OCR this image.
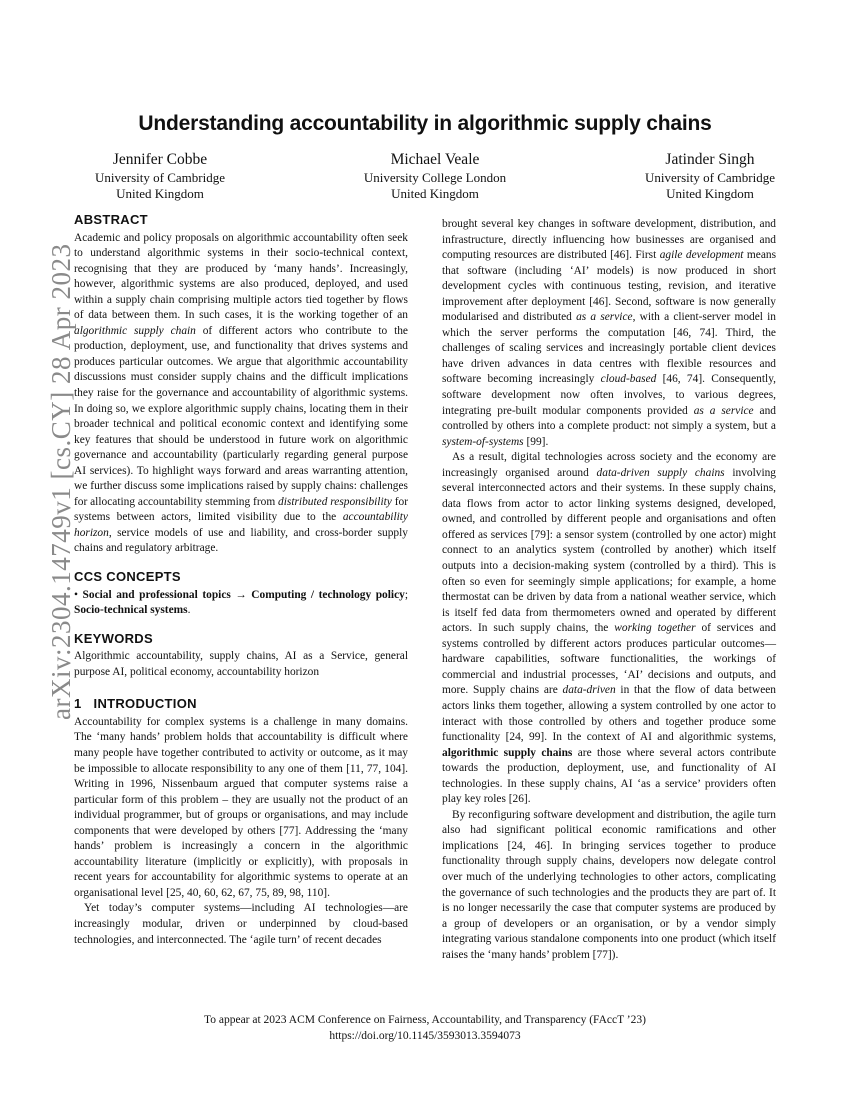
Understanding accountability in algorithmic supply chains
Jennifer Cobbe
University of Cambridge
United Kingdom
Michael Veale
University College London
United Kingdom
Jatinder Singh
University of Cambridge
United Kingdom
arXiv:2304.14749v1 [cs.CY] 28 Apr 2023
ABSTRACT

Academic and policy proposals on algorithmic accountability often seek to understand algorithmic systems in their socio-technical context, recognising that they are produced by ‘many hands’. Increasingly, however, algorithmic systems are also produced, deployed, and used within a supply chain comprising multiple actors tied together by flows of data between them. In such cases, it is the working together of an algorithmic supply chain of different actors who contribute to the production, deployment, use, and functionality that drives systems and produces particular outcomes. We argue that algorithmic accountability discussions must consider supply chains and the difficult implications they raise for the governance and accountability of algorithmic systems. In doing so, we explore algorithmic supply chains, locating them in their broader technical and political economic context and identifying some key features that should be understood in future work on algorithmic governance and accountability (particularly regarding general purpose AI services). To highlight ways forward and areas warranting attention, we further discuss some implications raised by supply chains: challenges for allocating accountability stemming from distributed responsibility for systems between actors, limited visibility due to the accountability horizon, service models of use and liability, and cross-border supply chains and regulatory arbitrage.

CCS CONCEPTS

• Social and professional topics → Computing / technology policy; Socio-technical systems.

KEYWORDS

Algorithmic accountability, supply chains, AI as a Service, general purpose AI, political economy, accountability horizon

1 INTRODUCTION

Accountability for complex systems is a challenge in many domains. The ‘many hands’ problem holds that accountability is difficult where many people have together contributed to activity or outcome, as it may be impossible to allocate responsibility to any one of them [11, 77, 104]. Writing in 1996, Nissenbaum argued that computer systems raise a particular form of this problem – they are usually not the product of an individual programmer, but of groups or organisations, and may include components that were developed by others [77]. Addressing the ‘many hands’ problem is increasingly a concern in the algorithmic accountability literature (implicitly or explicitly), with proposals in recent years for accountability for algorithmic systems to operate at an organisational level [25, 40, 60, 62, 67, 75, 89, 98, 110].

Yet today’s computer systems—including AI technologies—are increasingly modular, driven or underpinned by cloud-based technologies, and interconnected. The ‘agile turn’ of recent decades

brought several key changes in software development, distribution, and infrastructure, directly influencing how businesses are organised and computing resources are distributed [46]. First agile development means that software (including ‘AI’ models) is now produced in short development cycles with continuous testing, revision, and iterative improvement after deployment [46]. Second, software is now generally modularised and distributed as a service, with a client-server model in which the server performs the computation [46, 74]. Third, the challenges of scaling services and increasingly portable client devices have driven advances in data centres with flexible resources and software becoming increasingly cloud-based [46, 74]. Consequently, software development now often involves, to various degrees, integrating pre-built modular components provided as a service and controlled by others into a complete product: not simply a system, but a system-of-systems [99].

As a result, digital technologies across society and the economy are increasingly organised around data-driven supply chains involving several interconnected actors and their systems. In these supply chains, data flows from actor to actor linking systems designed, developed, owned, and controlled by different people and organisations and often offered as services [79]: a sensor system (controlled by one actor) might connect to an analytics system (controlled by another) which itself outputs into a decision-making system (controlled by a third). This is often so even for seemingly simple applications; for example, a home thermostat can be driven by data from a national weather service, which is itself fed data from thermometers owned and operated by different actors. In such supply chains, the working together of services and systems controlled by different actors produces particular outcomes—hardware capabilities, software functionalities, the workings of commercial and industrial processes, ‘AI’ decisions and outputs, and more. Supply chains are data-driven in that the flow of data between actors links them together, allowing a system controlled by one actor to interact with those controlled by others and together produce some functionality [24, 99]. In the context of AI and algorithmic systems, algorithmic supply chains are those where several actors contribute towards the production, deployment, use, and functionality of AI technologies. In these supply chains, AI ‘as a service’ providers often play key roles [26].

By reconfiguring software development and distribution, the agile turn also had significant political economic ramifications and other implications [24, 46]. In bringing services together to produce functionality through supply chains, developers now delegate control over much of the underlying technologies to other actors, complicating the governance of such technologies and the products they are part of. It is no longer necessarily the case that computer systems are produced by a group of developers or an organisation, or by a vendor simply integrating various standalone components into one product (which itself raises the ‘many hands’ problem [77]).

To appear at 2023 ACM Conference on Fairness, Accountability, and Transparency (FAccT ’23)
https://doi.org/10.1145/3593013.3594073
